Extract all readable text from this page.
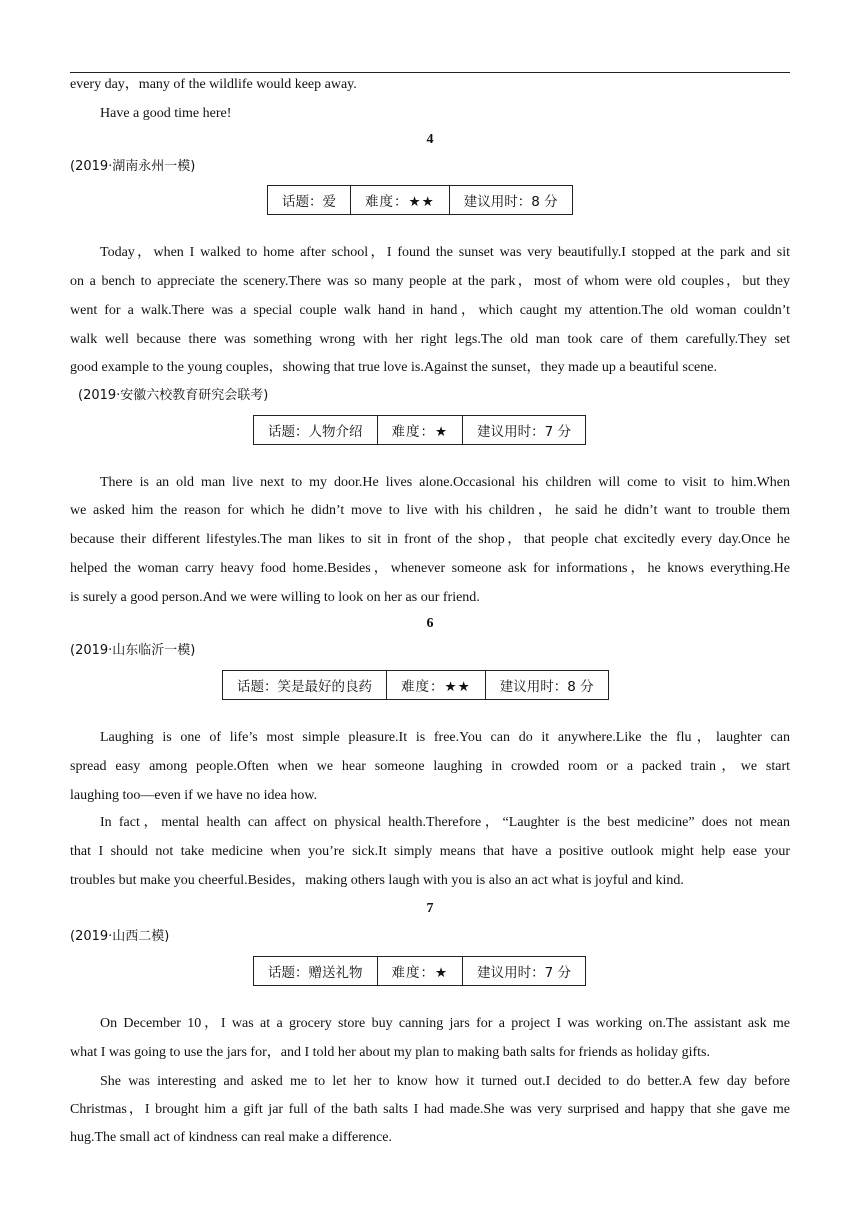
every day，many of the wildlife would keep away.
Have a good time here!
4
(2019·湖南永州一模)
话题：爱	难度：★★	建议用时：8 分
Today，when I walked to home after school，I found the sunset was very beautifully.I stopped at the park and sit
on a bench to appreciate the scenery.There was so many people at the park，most of whom were old couples，but they
went for a walk.There was a special couple walk hand in hand，which caught my attention.The old woman couldn’t
walk well because there was something wrong with her right legs.The old man took care of them carefully.They set
good example to the young couples，showing that true love is.Against the sunset，they made up a beautiful scene.
(2019·安徽六校教育研究会联考)
话题：人物介绍	难度：★	建议用时：7 分
There is an old man live next to my door.He lives alone.Occasional his children will come to visit to him.When
we asked him the reason for which he didn’t move to live with his children，he said he didn’t want to trouble them
because their different lifestyles.The man likes to sit in front of the shop，that people chat excitedly every day.Once he
helped the woman carry heavy food home.Besides，whenever someone ask for informations，he knows everything.He
is surely a good person.And we were willing to look on her as our friend.
6
(2019·山东临沂一模)
话题：笑是最好的良药	难度：★★	建议用时：8 分
Laughing is one of life’s most simple pleasure.It is free.You can do it anywhere.Like the flu，laughter can
spread easy among people.Often when we hear someone laughing in crowded room or a packed train，we start
laughing too—even if we have no idea how.
In fact，mental health can affect on physical health.Therefore，“Laughter is the best medicine” does not mean
that I should not take medicine when you’re sick.It simply means that have a positive outlook might help ease your
troubles but make you cheerful.Besides，making others laugh with you is also an act what is joyful and kind.
7
(2019·山西二模)
话题：赠送礼物	难度：★	建议用时：7 分
On December 10，I was at a grocery store buy canning jars for a project I was working on.The assistant ask me
what I was going to use the jars for，and I told her about my plan to making bath salts for friends as holiday gifts.
She was interesting and asked me to let her to know how it turned out.I decided to do better.A few day before
Christmas，I brought him a gift jar full of the bath salts I had made.She was very surprised and happy that she gave me
hug.The small act of kindness can real make a difference.
